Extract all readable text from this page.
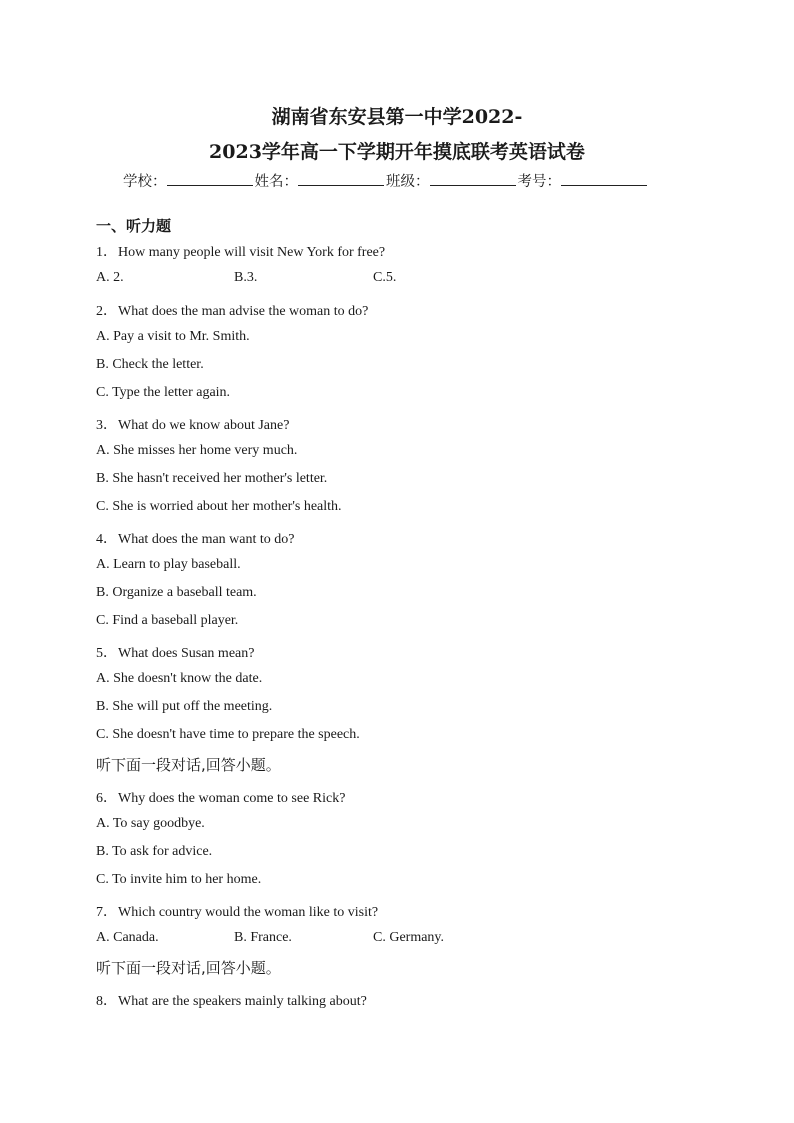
湖南省东安县第一中学2022-
2023学年高一下学期开年摸底联考英语试卷
学校：	姓名：	班级：	考号：
一、听力题
1．How many people will visit New York for free?
A. 2.	B.3.	C.5.
2．What does the man advise the woman to do?
A. Pay a visit to Mr. Smith.
B. Check the letter.
C. Type the letter again.
3．What do we know about Jane?
A. She misses her home very much.
B. She hasn't received her mother's letter.
C. She is worried about her mother's health.
4．What does the man want to do?
A. Learn to play baseball.
B. Organize a baseball team.
C. Find a baseball player.
5．What does Susan mean?
A. She doesn't know the date.
B. She will put off the meeting.
C. She doesn't have time to prepare the speech.
听下面一段对话,回答小题。
6．Why does the woman come to see Rick?
A. To say goodbye.
B. To ask for advice.
C. To invite him to her home.
7．Which country would the woman like to visit?
A. Canada.	B. France.	C. Germany.
听下面一段对话,回答小题。
8．What are the speakers mainly talking about?
